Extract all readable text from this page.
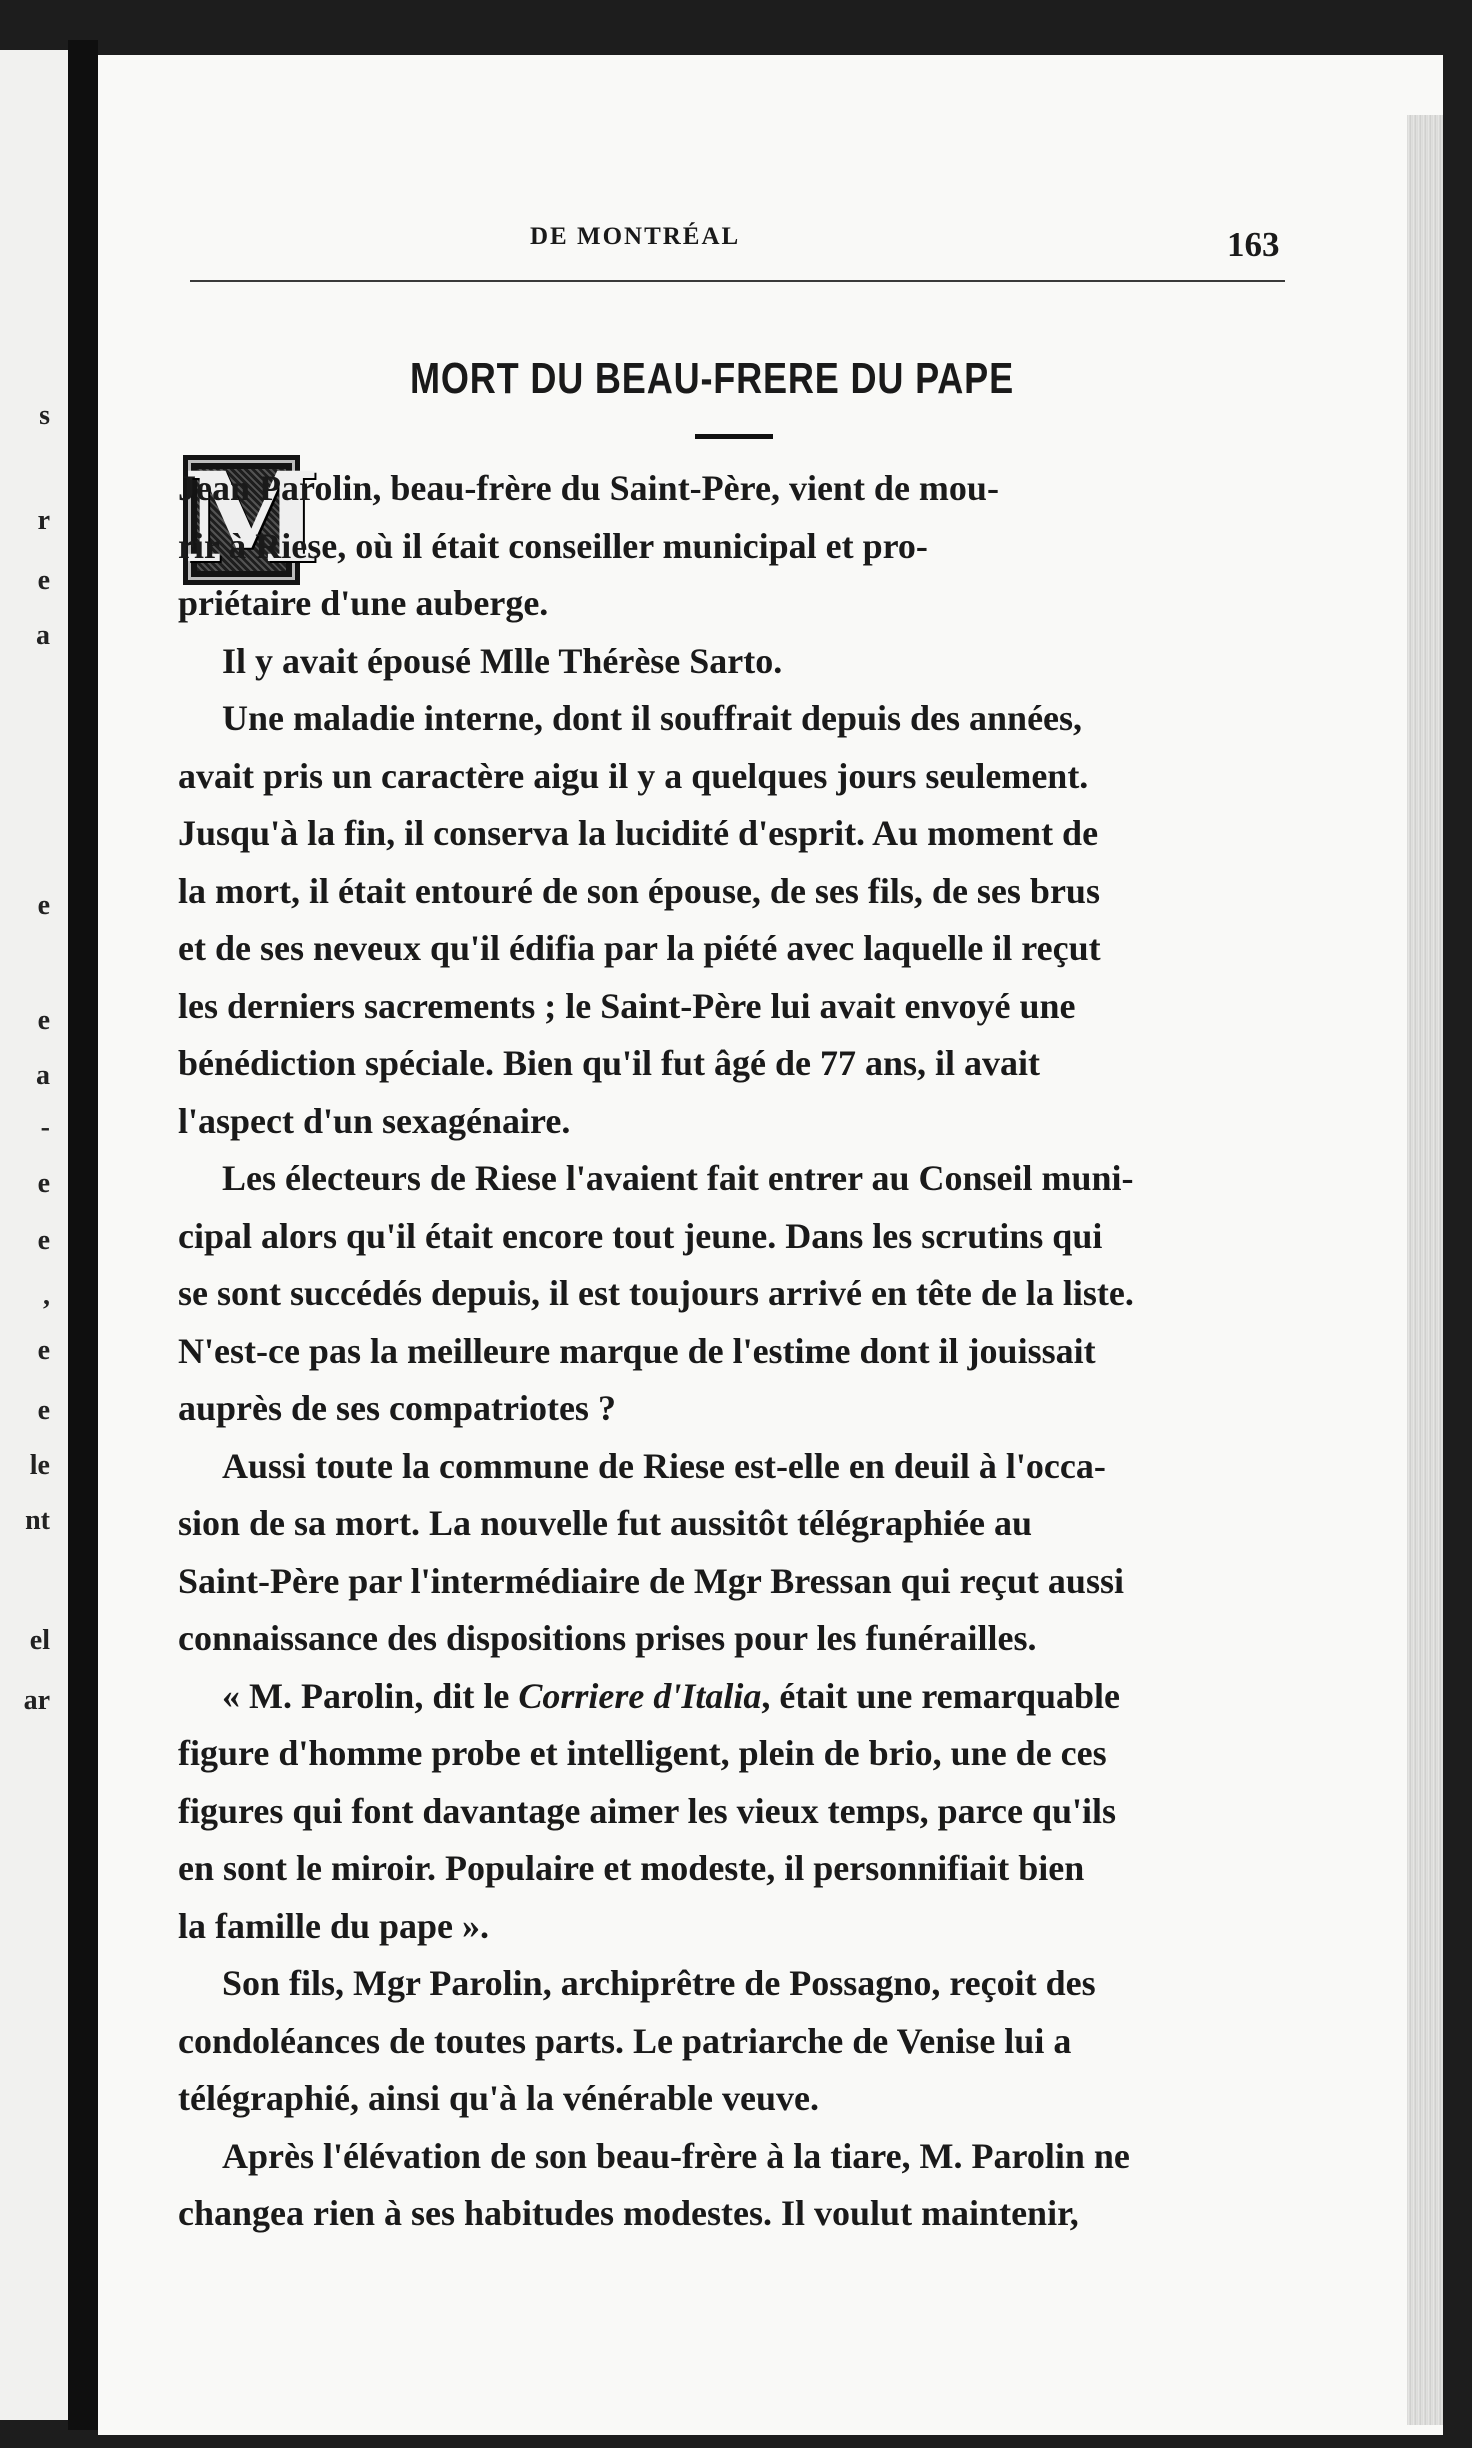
s
r
e
a
e
e
a
-
e
e
,
e
e
le
nt
el
ar
DE MONTRÉAL	163
MORT DU BEAU-FRERE DU PAPE
M
Jean Parolin, beau-frère du Saint-Père, vient de mou-
rir à Riese, où il était conseiller municipal et pro-
priétaire d'une auberge.
Il y avait épousé Mlle Thérèse Sarto.
Une maladie interne, dont il souffrait depuis des années,
avait pris un caractère aigu il y a quelques jours seulement.
Jusqu'à la fin, il conserva la lucidité d'esprit. Au moment de
la mort, il était entouré de son épouse, de ses fils, de ses brus
et de ses neveux qu'il édifia par la piété avec laquelle il reçut
les derniers sacrements ; le Saint-Père lui avait envoyé une
bénédiction spéciale. Bien qu'il fut âgé de 77 ans, il avait
l'aspect d'un sexagénaire.
Les électeurs de Riese l'avaient fait entrer au Conseil muni-
cipal alors qu'il était encore tout jeune. Dans les scrutins qui
se sont succédés depuis, il est toujours arrivé en tête de la liste.
N'est-ce pas la meilleure marque de l'estime dont il jouissait
auprès de ses compatriotes ?
Aussi toute la commune de Riese est-elle en deuil à l'occa-
sion de sa mort. La nouvelle fut aussitôt télégraphiée au
Saint-Père par l'intermédiaire de Mgr Bressan qui reçut aussi
connaissance des dispositions prises pour les funérailles.
« M. Parolin, dit le Corriere d'Italia, était une remarquable
figure d'homme probe et intelligent, plein de brio, une de ces
figures qui font davantage aimer les vieux temps, parce qu'ils
en sont le miroir. Populaire et modeste, il personnifiait bien
la famille du pape ».
Son fils, Mgr Parolin, archiprêtre de Possagno, reçoit des
condoléances de toutes parts. Le patriarche de Venise lui a
télégraphié, ainsi qu'à la vénérable veuve.
Après l'élévation de son beau-frère à la tiare, M. Parolin ne
changea rien à ses habitudes modestes. Il voulut maintenir,
